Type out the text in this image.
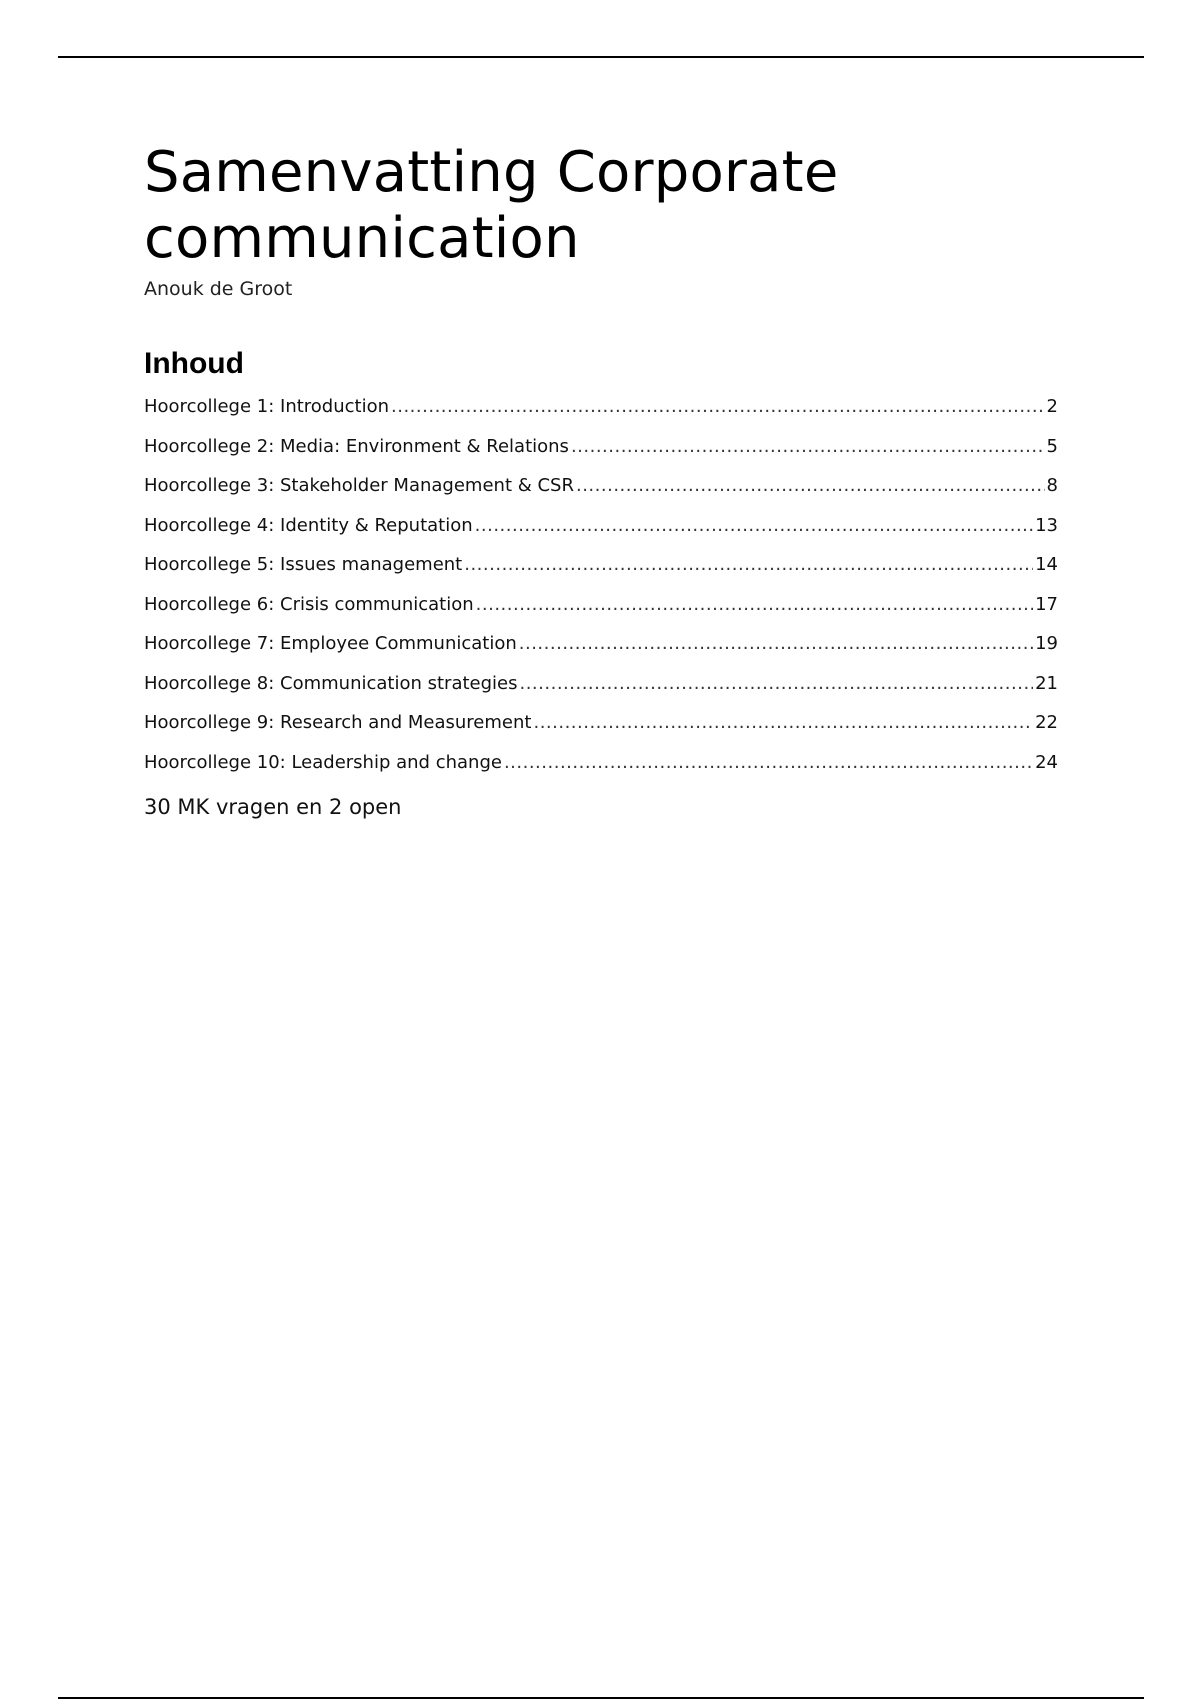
Samenvatting Corporate
communication
Anouk de Groot
Inhoud
Hoorcollege 1: Introduction .....	2
Hoorcollege 2: Media: Environment & Relations .....	5
Hoorcollege 3: Stakeholder Management & CSR .....	8
Hoorcollege 4: Identity & Reputation .....	13
Hoorcollege 5: Issues management .....	14
Hoorcollege 6: Crisis communication .....	17
Hoorcollege 7: Employee Communication .....	19
Hoorcollege 8: Communication strategies .....	21
Hoorcollege 9: Research and Measurement .....	22
Hoorcollege 10: Leadership and change .....	24
30 MK vragen en 2 open
